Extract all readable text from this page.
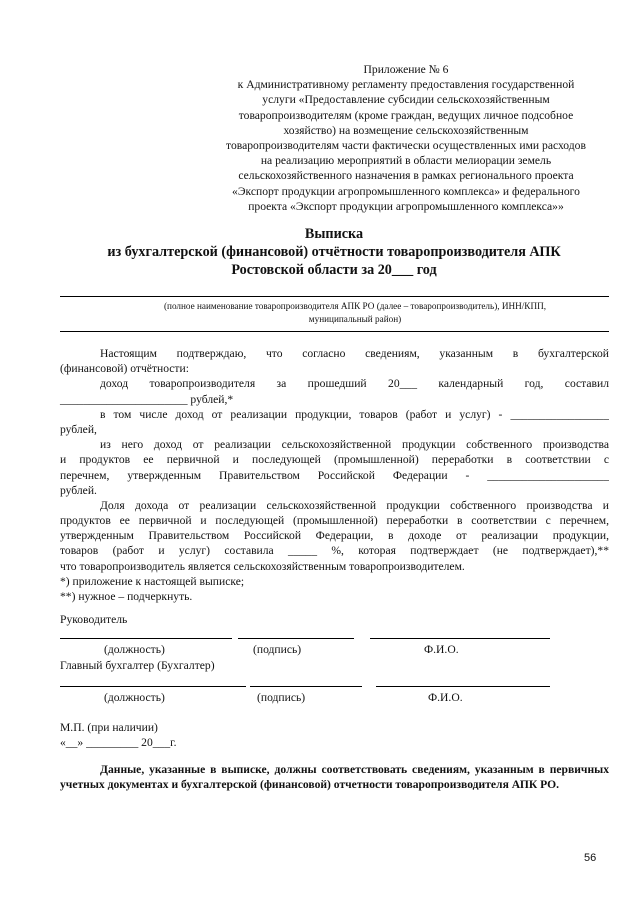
Приложение № 6
к Административному регламенту предоставления государственной
услуги «Предоставление субсидии сельскохозяйственным
товаропроизводителям (кроме граждан, ведущих личное подсобное
хозяйство) на возмещение сельскохозяйственным
товаропроизводителям части фактически осуществленных ими расходов
на реализацию мероприятий в области мелиорации земель
сельскохозяйственного назначения в рамках регионального проекта
«Экспорт продукции агропромышленного комплекса» и федерального
проекта «Экспорт продукции агропромышленного комплекса»»
Выписка
из бухгалтерской (финансовой) отчётности товаропроизводителя АПК
Ростовской области за 20___ год
(полное наименование товаропроизводителя АПК РО (далее – товаропроизводитель), ИНН/КПП,
муниципальный район)
Настоящим подтверждаю, что согласно сведениям, указанным в бухгалтерской
(финансовой) отчётности:
доход товаропроизводителя за прошедший 20___ календарный год, составил
______________________ рублей,*
в том числе доход от реализации продукции, товаров (работ и услуг) - _________________
рублей,
из него доход от реализации сельскохозяйственной продукции собственного производства
и продуктов ее первичной и последующей (промышленной) переработки в соответствии с
перечнем, утвержденным Правительством Российской Федерации - _____________________
рублей.
Доля дохода от реализации сельскохозяйственной продукции собственного производства и
продуктов ее первичной и последующей (промышленной) переработки в соответствии с перечнем,
утвержденным Правительством Российской Федерации, в доходе от реализации продукции,
товаров (работ и услуг) составила _____ %, которая подтверждает (не подтверждает),**
что товаропроизводитель является сельскохозяйственным товаропроизводителем.
*) приложение к настоящей выписке;
**) нужное – подчеркнуть.
Руководитель
(должность)	(подпись)	Ф.И.О.
Главный бухгалтер (Бухгалтер)
(должность)	(подпись)	Ф.И.О.
М.П. (при наличии)
«__» _________ 20___г.
Данные, указанные в выписке, должны соответствовать сведениям, указанным в первичных учетных документах и бухгалтерской (финансовой) отчетности товаропроизводителя АПК РО.
56
